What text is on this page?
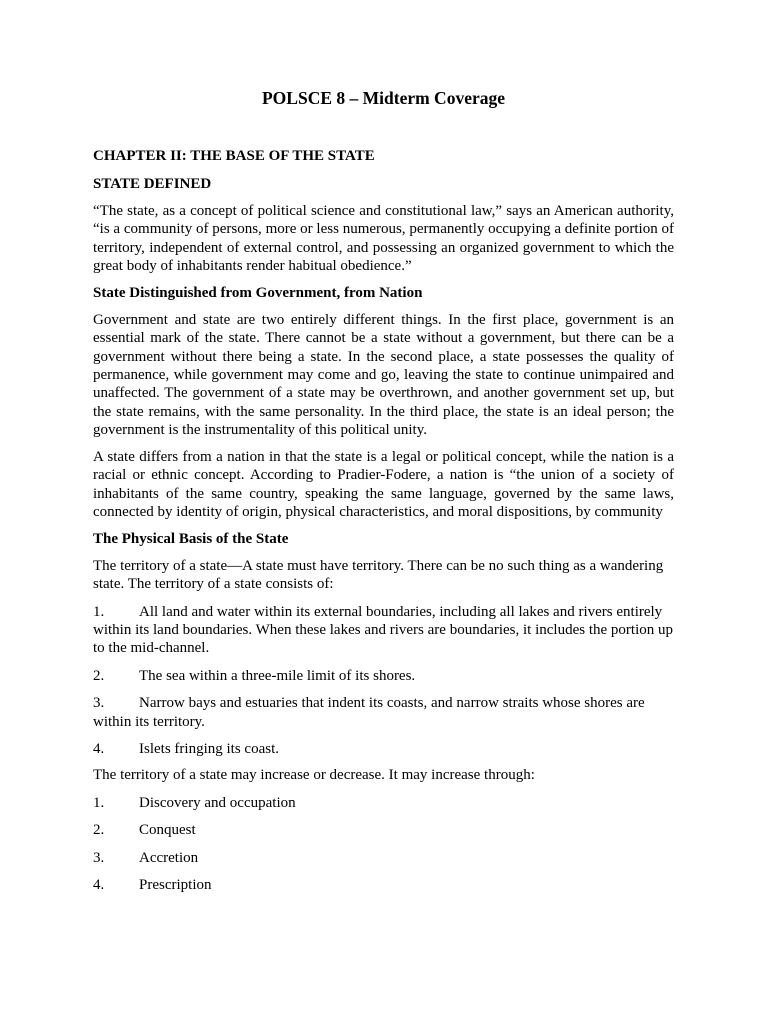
POLSCE 8 – Midterm Coverage
CHAPTER II: THE BASE OF THE STATE
STATE DEFINED

“The state, as a concept of political science and constitutional law,” says an American authority, “is a community of persons, more or less numerous, permanently occupying a definite portion of territory, independent of external control, and possessing an organized government to which the great body of inhabitants render habitual obedience.”

State Distinguished from Government, from Nation

Government and state are two entirely different things. In the first place, government is an essential mark of the state. There cannot be a state without a government, but there can be a government without there being a state. In the second place, a state possesses the quality of permanence, while government may come and go, leaving the state to continue unimpaired and unaffected. The government of a state may be overthrown, and another government set up, but the state remains, with the same personality. In the third place, the state is an ideal person; the government is the instrumentality of this political unity.

A state differs from a nation in that the state is a legal or political concept, while the nation is a racial or ethnic concept. According to Pradier-Fodere, a nation is “the union of a society of inhabitants of the same country, speaking the same language, governed by the same laws, connected by identity of origin, physical characteristics, and moral dispositions, by community

The Physical Basis of the State

The territory of a state—A state must have territory. There can be no such thing as a wandering state. The territory of a state consists of:

1. All land and water within its external boundaries, including all lakes and rivers entirely within its land boundaries. When these lakes and rivers are boundaries, it includes the portion up to the mid-channel.
2. The sea within a three-mile limit of its shores.
3. Narrow bays and estuaries that indent its coasts, and narrow straits whose shores are within its territory.
4. Islets fringing its coast.

The territory of a state may increase or decrease. It may increase through:

1. Discovery and occupation
2. Conquest
3. Accretion
4. Prescription
